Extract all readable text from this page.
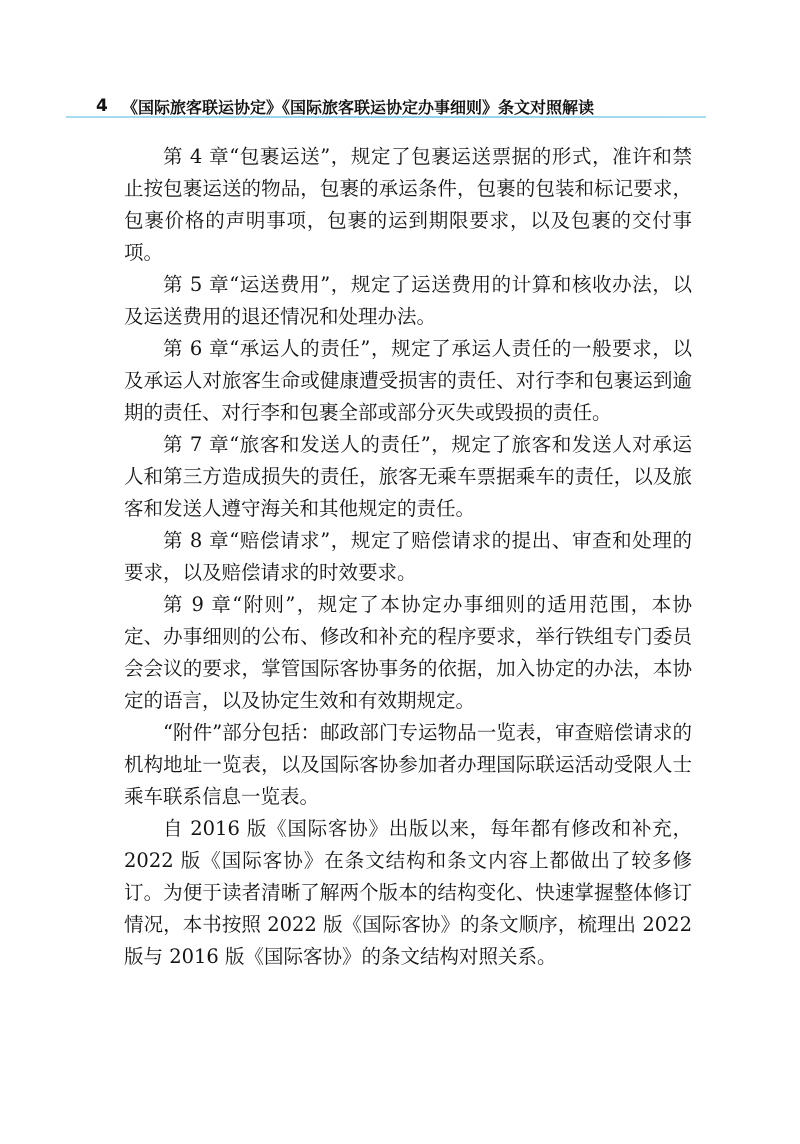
4 《国际旅客联运协定》《国际旅客联运协定办事细则》条文对照解读

第 4 章“包裹运送”，规定了包裹运送票据的形式，准许和禁止按包裹运送的物品，包裹的承运条件，包裹的包装和标记要求，包裹价格的声明事项，包裹的运到期限要求，以及包裹的交付事项。

第 5 章“运送费用”，规定了运送费用的计算和核收办法，以及运送费用的退还情况和处理办法。

第 6 章“承运人的责任”，规定了承运人责任的一般要求，以及承运人对旅客生命或健康遭受损害的责任、对行李和包裹运到逾期的责任、对行李和包裹全部或部分灭失或毁损的责任。

第 7 章“旅客和发送人的责任”，规定了旅客和发送人对承运人和第三方造成损失的责任，旅客无乘车票据乘车的责任，以及旅客和发送人遵守海关和其他规定的责任。

第 8 章“赔偿请求”，规定了赔偿请求的提出、审查和处理的要求，以及赔偿请求的时效要求。

第 9 章“附则”，规定了本协定办事细则的适用范围，本协定、办事细则的公布、修改和补充的程序要求，举行铁组专门委员会会议的要求，掌管国际客协事务的依据，加入协定的办法，本协定的语言，以及协定生效和有效期规定。

“附件”部分包括：邮政部门专运物品一览表，审查赔偿请求的机构地址一览表，以及国际客协参加者办理国际联运活动受限人士乘车联系信息一览表。

自 2016 版《国际客协》出版以来，每年都有修改和补充，2022 版《国际客协》在条文结构和条文内容上都做出了较多修订。为便于读者清晰了解两个版本的结构变化、快速掌握整体修订情况，本书按照 2022 版《国际客协》的条文顺序，梳理出 2022 版与 2016 版《国际客协》的条文结构对照关系。
